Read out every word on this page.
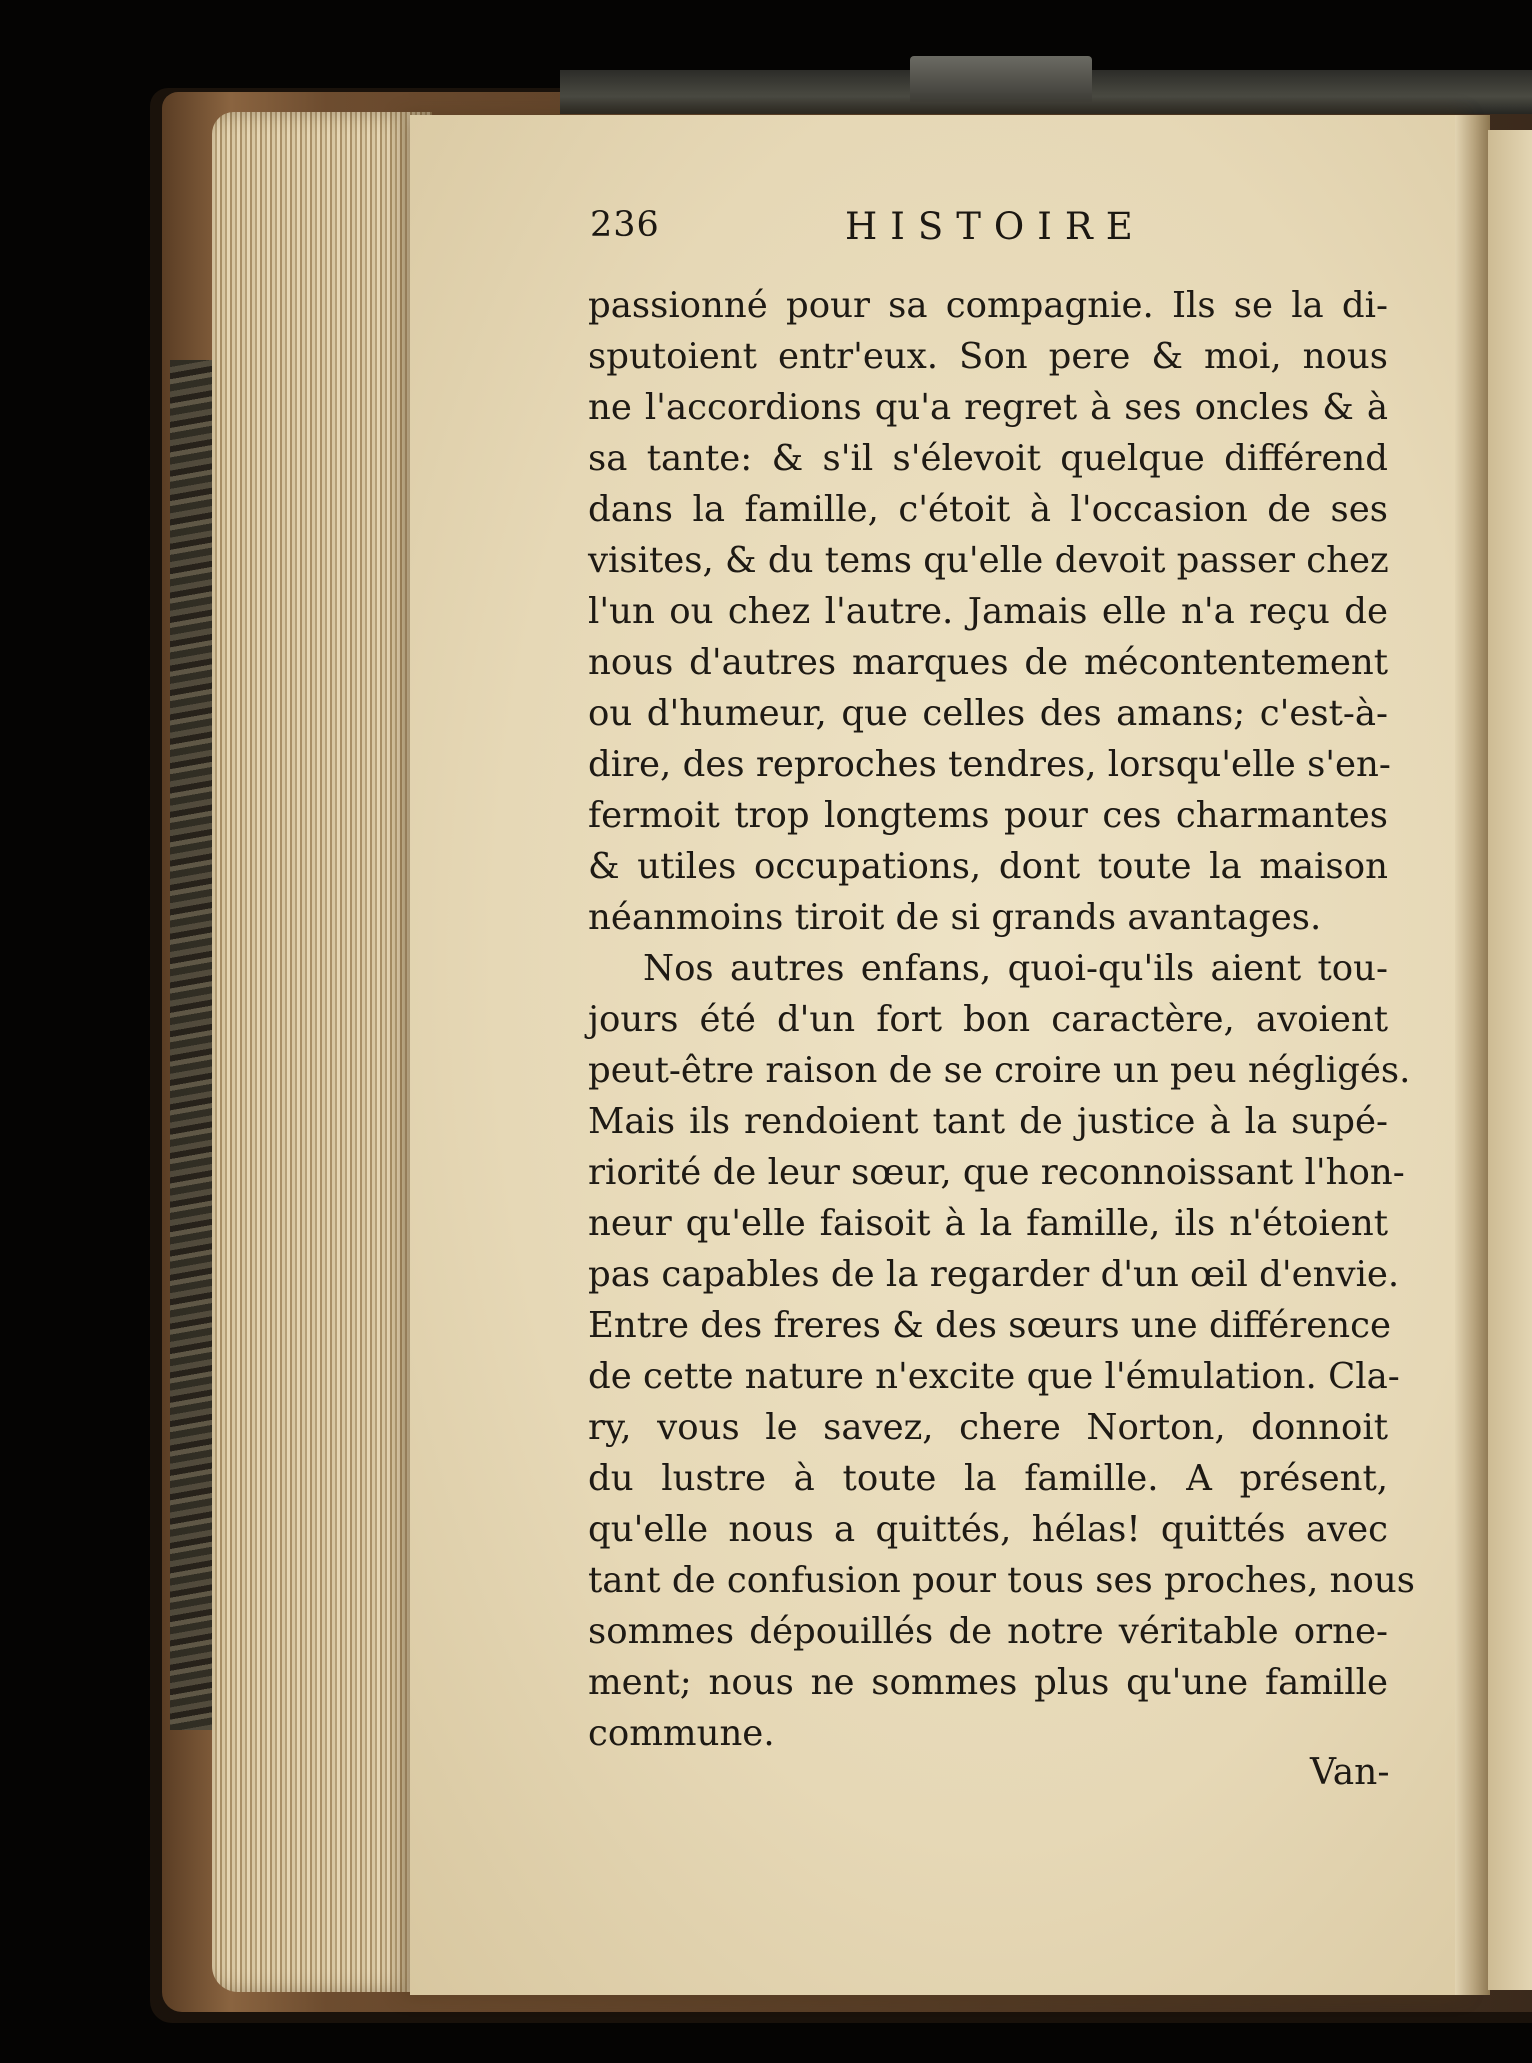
236	HISTOIRE
passionné pour sa compagnie. Ils se la di-
sputoient entr'eux. Son pere & moi, nous
ne l'accordions qu'a regret à ses oncles & à
sa tante: & s'il s'élevoit quelque différend
dans la famille, c'étoit à l'occasion de ses
visites, & du tems qu'elle devoit passer chez
l'un ou chez l'autre. Jamais elle n'a reçu de
nous d'autres marques de mécontentement
ou d'humeur, que celles des amans; c'est-à-
dire, des reproches tendres, lorsqu'elle s'en-
fermoit trop longtems pour ces charmantes
& utiles occupations, dont toute la maison
néanmoins tiroit de si grands avantages.
Nos autres enfans, quoi-qu'ils aient tou-
jours été d'un fort bon caractère, avoient
peut-être raison de se croire un peu négligés.
Mais ils rendoient tant de justice à la supé-
riorité de leur sœur, que reconnoissant l'hon-
neur qu'elle faisoit à la famille, ils n'étoient
pas capables de la regarder d'un œil d'envie.
Entre des freres & des sœurs une différence
de cette nature n'excite que l'émulation. Cla-
ry, vous le savez, chere Norton, donnoit
du lustre à toute la famille. A présent,
qu'elle nous a quittés, hélas! quittés avec
tant de confusion pour tous ses proches, nous
sommes dépouillés de notre véritable orne-
ment; nous ne sommes plus qu'une famille
commune.
Van-
